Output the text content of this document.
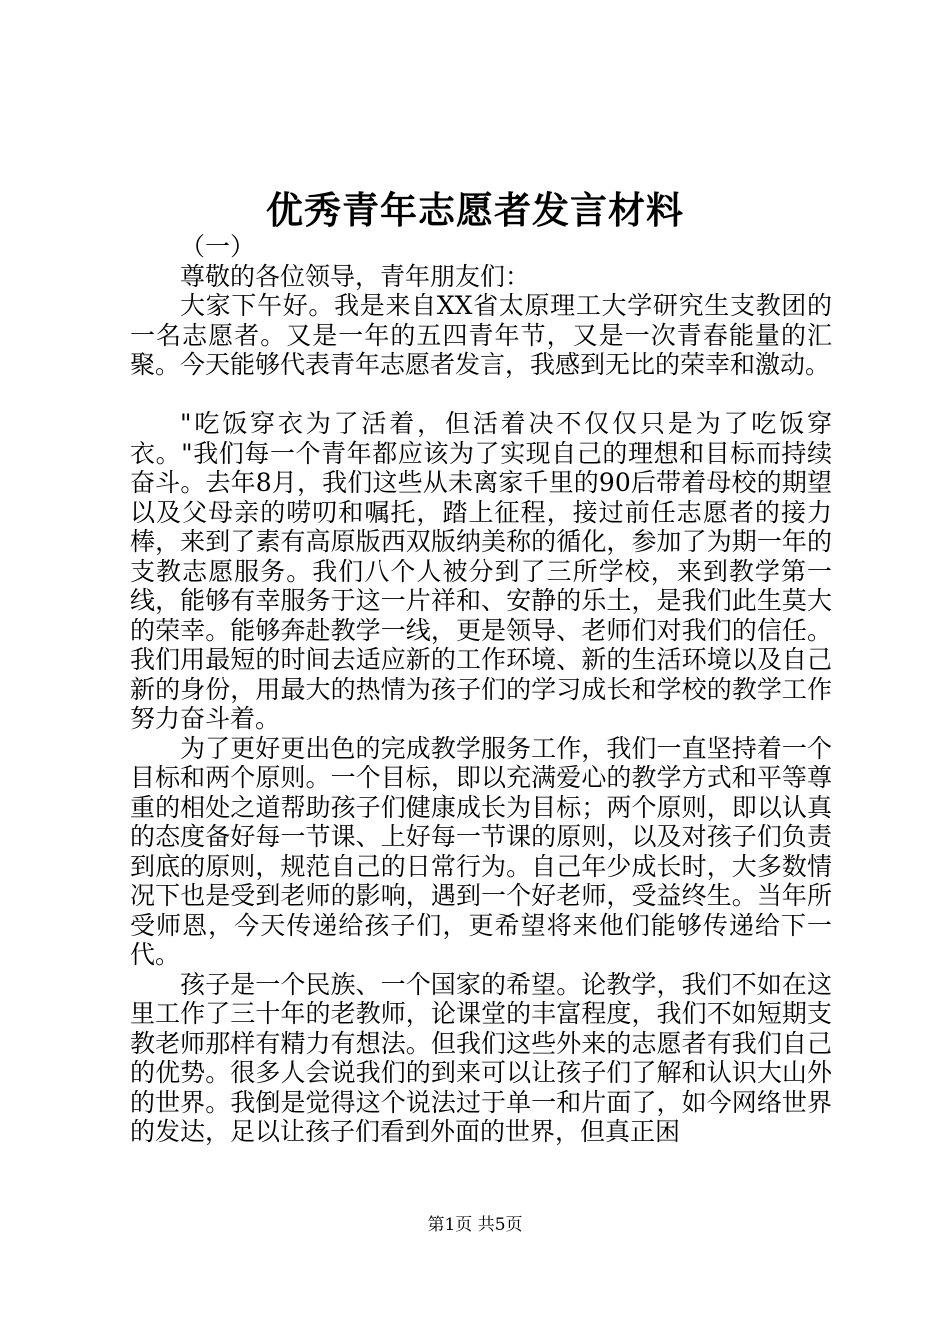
优秀青年志愿者发言材料

（一）

尊敬的各位领导，青年朋友们：

大家下午好。我是来自XX省太原理工大学研究生支教团的一名志愿者。又是一年的五四青年节，又是一次青春能量的汇聚。今天能够代表青年志愿者发言，我感到无比的荣幸和激动。

"吃饭穿衣为了活着，但活着决不仅仅只是为了吃饭穿衣。"我们每一个青年都应该为了实现自己的理想和目标而持续奋斗。去年8月，我们这些从未离家千里的90后带着母校的期望以及父母亲的唠叨和嘱托，踏上征程，接过前任志愿者的接力棒，来到了素有高原版西双版纳美称的循化，参加了为期一年的支教志愿服务。我们八个人被分到了三所学校，来到教学第一线，能够有幸服务于这一片祥和、安静的乐土，是我们此生莫大的荣幸。能够奔赴教学一线，更是领导、老师们对我们的信任。我们用最短的时间去适应新的工作环境、新的生活环境以及自己新的身份，用最大的热情为孩子们的学习成长和学校的教学工作努力奋斗着。

为了更好更出色的完成教学服务工作，我们一直坚持着一个目标和两个原则。一个目标，即以充满爱心的教学方式和平等尊重的相处之道帮助孩子们健康成长为目标；两个原则，即以认真的态度备好每一节课、上好每一节课的原则，以及对孩子们负责到底的原则，规范自己的日常行为。自己年少成长时，大多数情况下也是受到老师的影响，遇到一个好老师，受益终生。当年所受师恩，今天传递给孩子们，更希望将来他们能够传递给下一代。

孩子是一个民族、一个国家的希望。论教学，我们不如在这里工作了三十年的老教师，论课堂的丰富程度，我们不如短期支教老师那样有精力有想法。但我们这些外来的志愿者有我们自己的优势。很多人会说我们的到来可以让孩子们了解和认识大山外的世界。我倒是觉得这个说法过于单一和片面了，如今网络世界的发达，足以让孩子们看到外面的世界，但真正困

第1页 共5页
